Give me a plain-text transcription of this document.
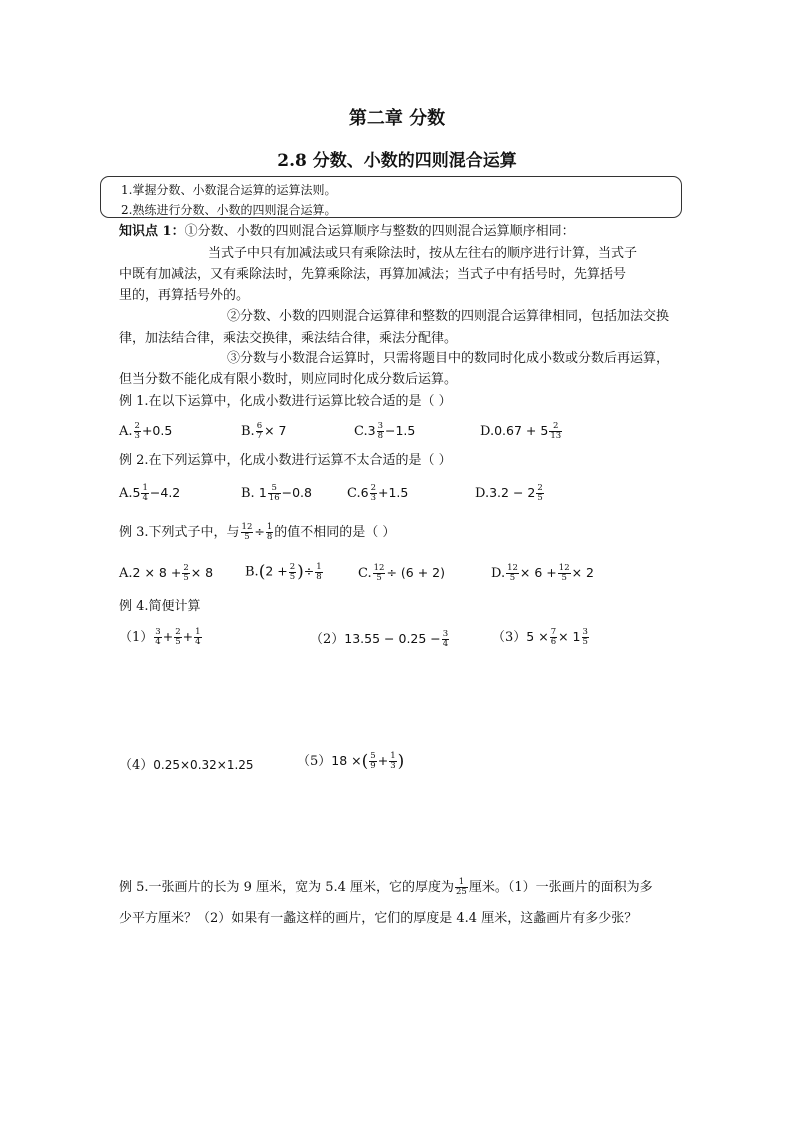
第二章 分数
2.8 分数、小数的四则混合运算
1.掌握分数、小数混合运算的运算法则。
2.熟练进行分数、小数的四则混合运算。
知识点 1：①分数、小数的四则混合运算顺序与整数的四则混合运算顺序相同：
当式子中只有加减法或只有乘除法时，按从左往右的顺序进行计算，当式子
中既有加减法，又有乘除法时，先算乘除法，再算加减法；当式子中有括号时，先算括号
里的，再算括号外的。
②分数、小数的四则混合运算律和整数的四则混合运算律相同，包括加法交换
律，加法结合律，乘法交换律，乘法结合律，乘法分配律。
③分数与小数混合运算时，只需将题目中的数同时化成小数或分数后再运算，
但当分数不能化成有限小数时，则应同时化成分数后运算。
例 1.在以下运算中，化成小数进行运算比较合适的是（ ）
A. $\frac{2}{3} +0.5$	B. $\frac{6}{7} \times 7$	$C.3 \frac{3}{8} -1.5$	$D.0.67 + 5 \frac{2}{13}$
例 2.在下列运算中，化成小数进行运算不太合适的是（ ）
$A.5 \frac{1}{4} -4.2$	B. $1 \frac{5}{16} -0.8$	$C.6 \frac{2}{3} +1.5$	$D.3.2 - 2 \frac{2}{5}$
例 3.下列式子中，与 $\frac{12}{5} \div \frac{1}{8}$ 的值不相同的是（ ）
$A.2 \times 8 + \frac{2}{5} \times 8$ $B.(2 + \frac{2}{5}$ )÷ $\frac{1}{8}$	C. $\frac{12}{5} \div (6 + 2)$	D. $\frac{12}{5} \times 6 + \frac{12}{5} \times 2$
例 4.简便计算
$(1) \frac{3}{4} + \frac{2}{5} + \frac{1}{4}$	$(2)13.55 - 0.25 - \frac{3}{4}$	$(3)5 \times \frac{7}{6} \times 1 \frac{3}{5}$
（4）0.25×0.32×1.25	（5）18 ×( $\frac{5}{9} + \frac{1}{3}$ )
例 5.一张画片的长为 9 厘米，宽为 5.4 厘米，它的厚度为 $\frac{1}{25}$ 厘米。（1）一张画片的面积为多
少平方厘米？（2）如果有一蠡这样的画片，它们的厚度是 4.4 厘米，这蠡画片有多少张？
